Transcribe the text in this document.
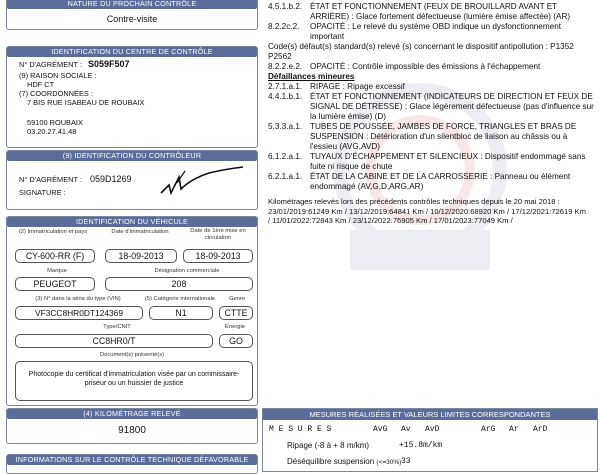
NATURE DU PROCHAIN CONTRÔLE
Contre-visite
IDENTIFICATION DU CENTRE DE CONTRÔLE
N° D'AGRÉMENT : S059F507
(9) RAISON SOCIALE :
HDF CT
(7) COORDONNÉES :
7 BIS RUE ISABEAU DE ROUBAIX
59100 ROUBAIX
03.20.27.41.48
(9) IDENTIFICATION DU CONTRÔLEUR
N° D'AGRÉMENT : 059D1269
SIGNATURE :
IDENTIFICATION DU VÉHICULE
(2) Immatriculation et pays	Date d'immatriculation	Date de 1ère mise en circulation
CY-600-RR (F)	18-09-2013	18-09-2013
Marque	Désignation commerciale
PEUGEOT	208
(3) N° dans la série du type (VIN)	(5) Catégorie internationale	Genre
VF3CC8HR0DT124369	N1	CTTE
Type/CNIT	Énergie
CC8HR0/T	GO
Document(s) présenté(s)
Photocopie du certificat d'immatriculation visée par un commissaire-priseur ou un huissier de justice
(4) KILOMÉTRAGE RELEVÉ
91800
INFORMATIONS SUR LE CONTRÔLE TECHNIQUE DÉFAVORABLE
4.5.1.b.2. ÉTAT ET FONCTIONNEMENT (FEUX DE BROUILLARD AVANT ET ARRIÈRE) : Glace fortement défectueuse (lumière émise affectée) (AR)
8.2.2c.2. OPACITÉ : Le relevé du système OBD indique un dysfonctionnement important
Code(s) défaut(s) standard(s) relevé (s) concernant le dispositif antipollution : P1352 P2562
8.2.2.e.2. OPACITÉ : Contrôle impossible des émissions à l'échappement
Défaillances mineures
2.7.1.a.1. RIPAGE : Ripage excessif
4.4.1.b.1. ÉTAT ET FONCTIONNEMENT (INDICATEURS DE DIRECTION ET FEUX DE SIGNAL DE DÉTRESSE) : Glace légèrement défectueuse (pas d'influence sur la lumière émise) (D)
5.3.3.a.1. TUBES DE POUSSÉE, JAMBES DE FORCE, TRIANGLES ET BRAS DE SUSPENSION : Détérioration d'un silentbloc de liaison au châssis ou à l'essieu (AVG,AVD)
6.1.2.a.1. TUYAUX D'ÉCHAPPEMENT ET SILENCIEUX : Dispositif endommagé sans fuite ni risque de chute
6.2.1.a.1. ÉTAT DE LA CABINE ET DE LA CARROSSERIE : Panneau ou élément endommagé (AV,G,D,ARG,AR)
Kilométrages relevés lors des précédents contrôles techniques depuis le 20 mai 2018 : 23/01/2019:61249 Km / 13/12/2019:64841 Km / 10/12/2020:68920 Km / 17/12/2021:72619 Km / 11/01/2022:72843 Km / 23/12/2022:76905 Km / 17/01/2023:77049 Km /
MESURES RÉALISÉES ET VALEURS LIMITES CORRESPONDANTES
M E S U R E S	AvG Av AvD	ArG Ar ArD
Ripage (-8 à + 8 m/km)	+15.8m/km
Déséquilibre suspension (<=30%) 33
